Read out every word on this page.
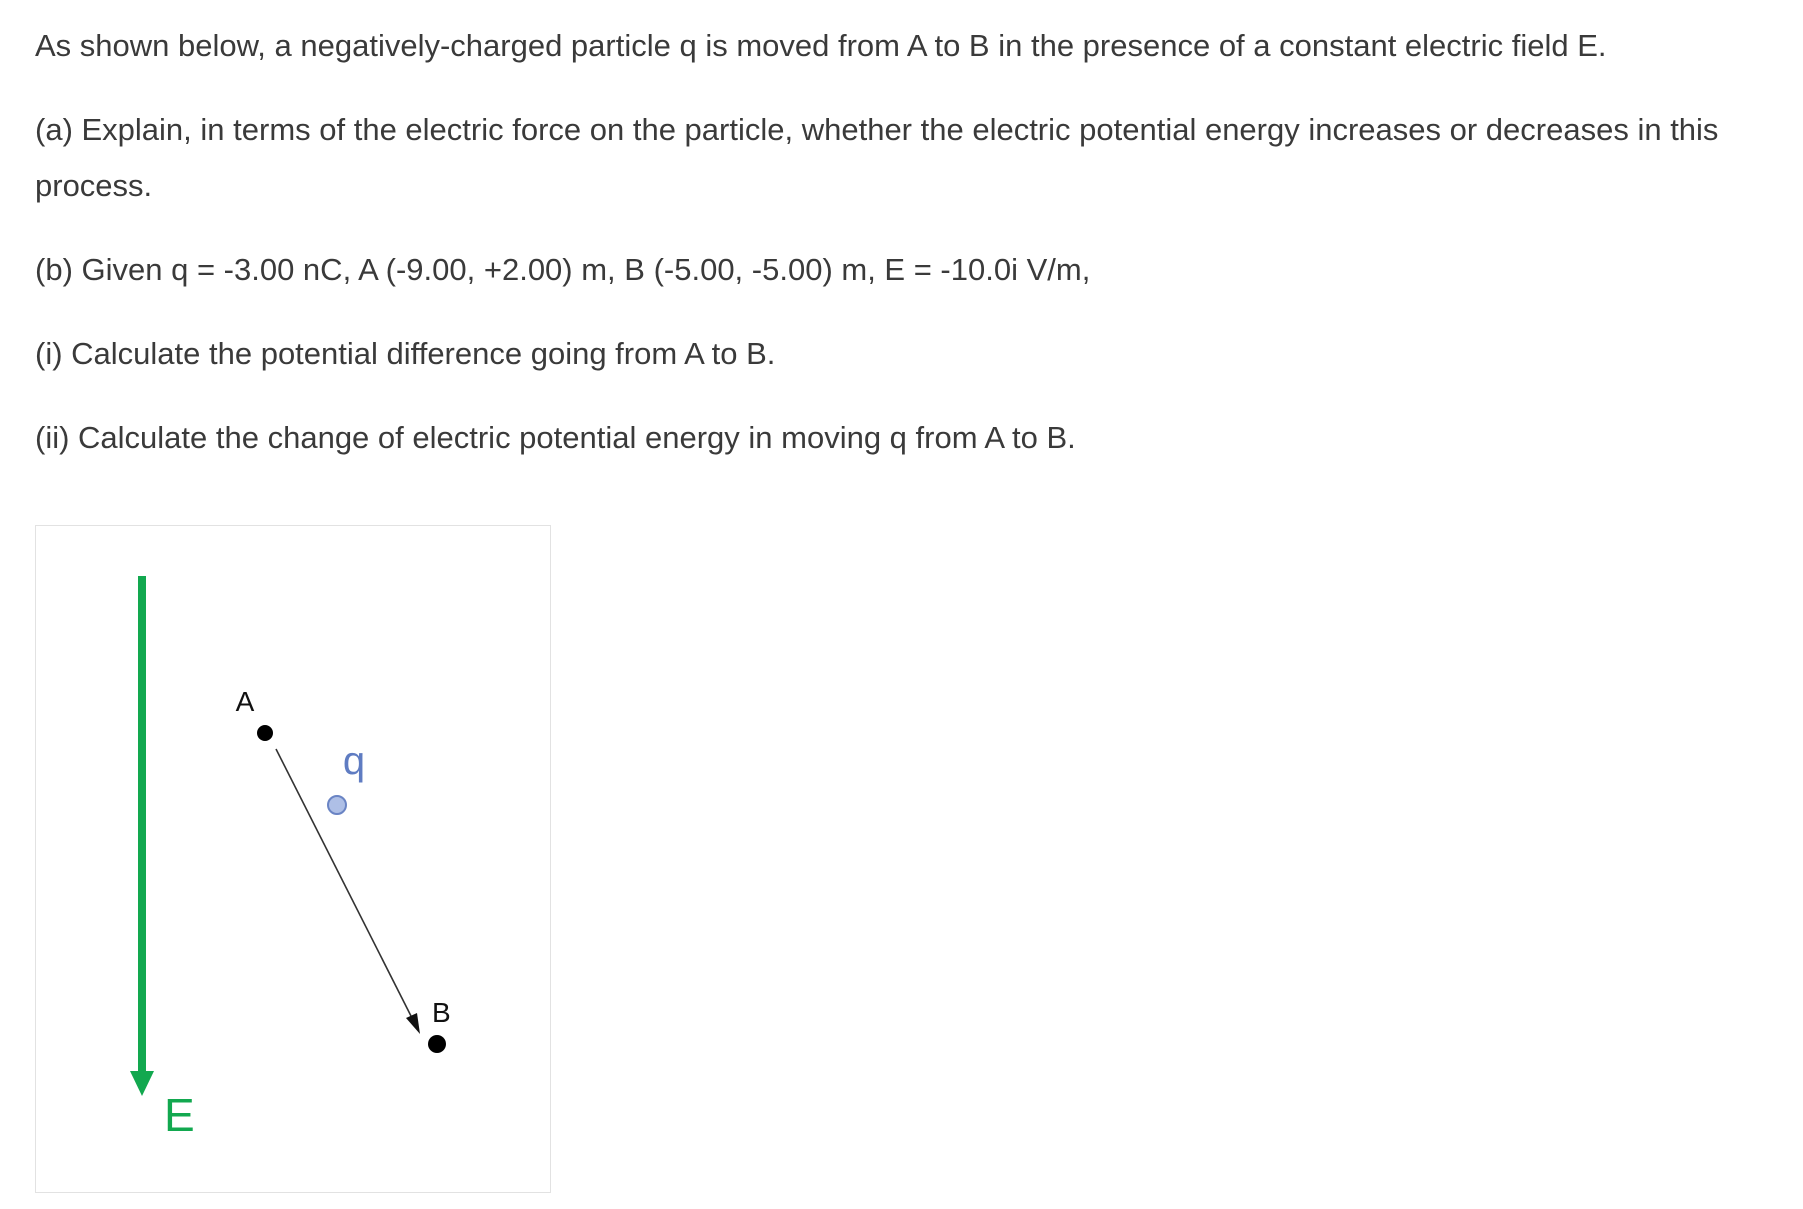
As shown below, a negatively-charged particle q is moved from A to B in the presence of a constant electric field E.

(a) Explain, in terms of the electric force on the particle, whether the electric potential energy increases or decreases in this process.

(b) Given q = -3.00 nC, A (-9.00, +2.00) m, B (-5.00, -5.00) m, E = -10.0i V/m,

(i) Calculate the potential difference going from A to B.

(ii) Calculate the change of electric potential energy in moving q from A to B.

E
A
q
B
